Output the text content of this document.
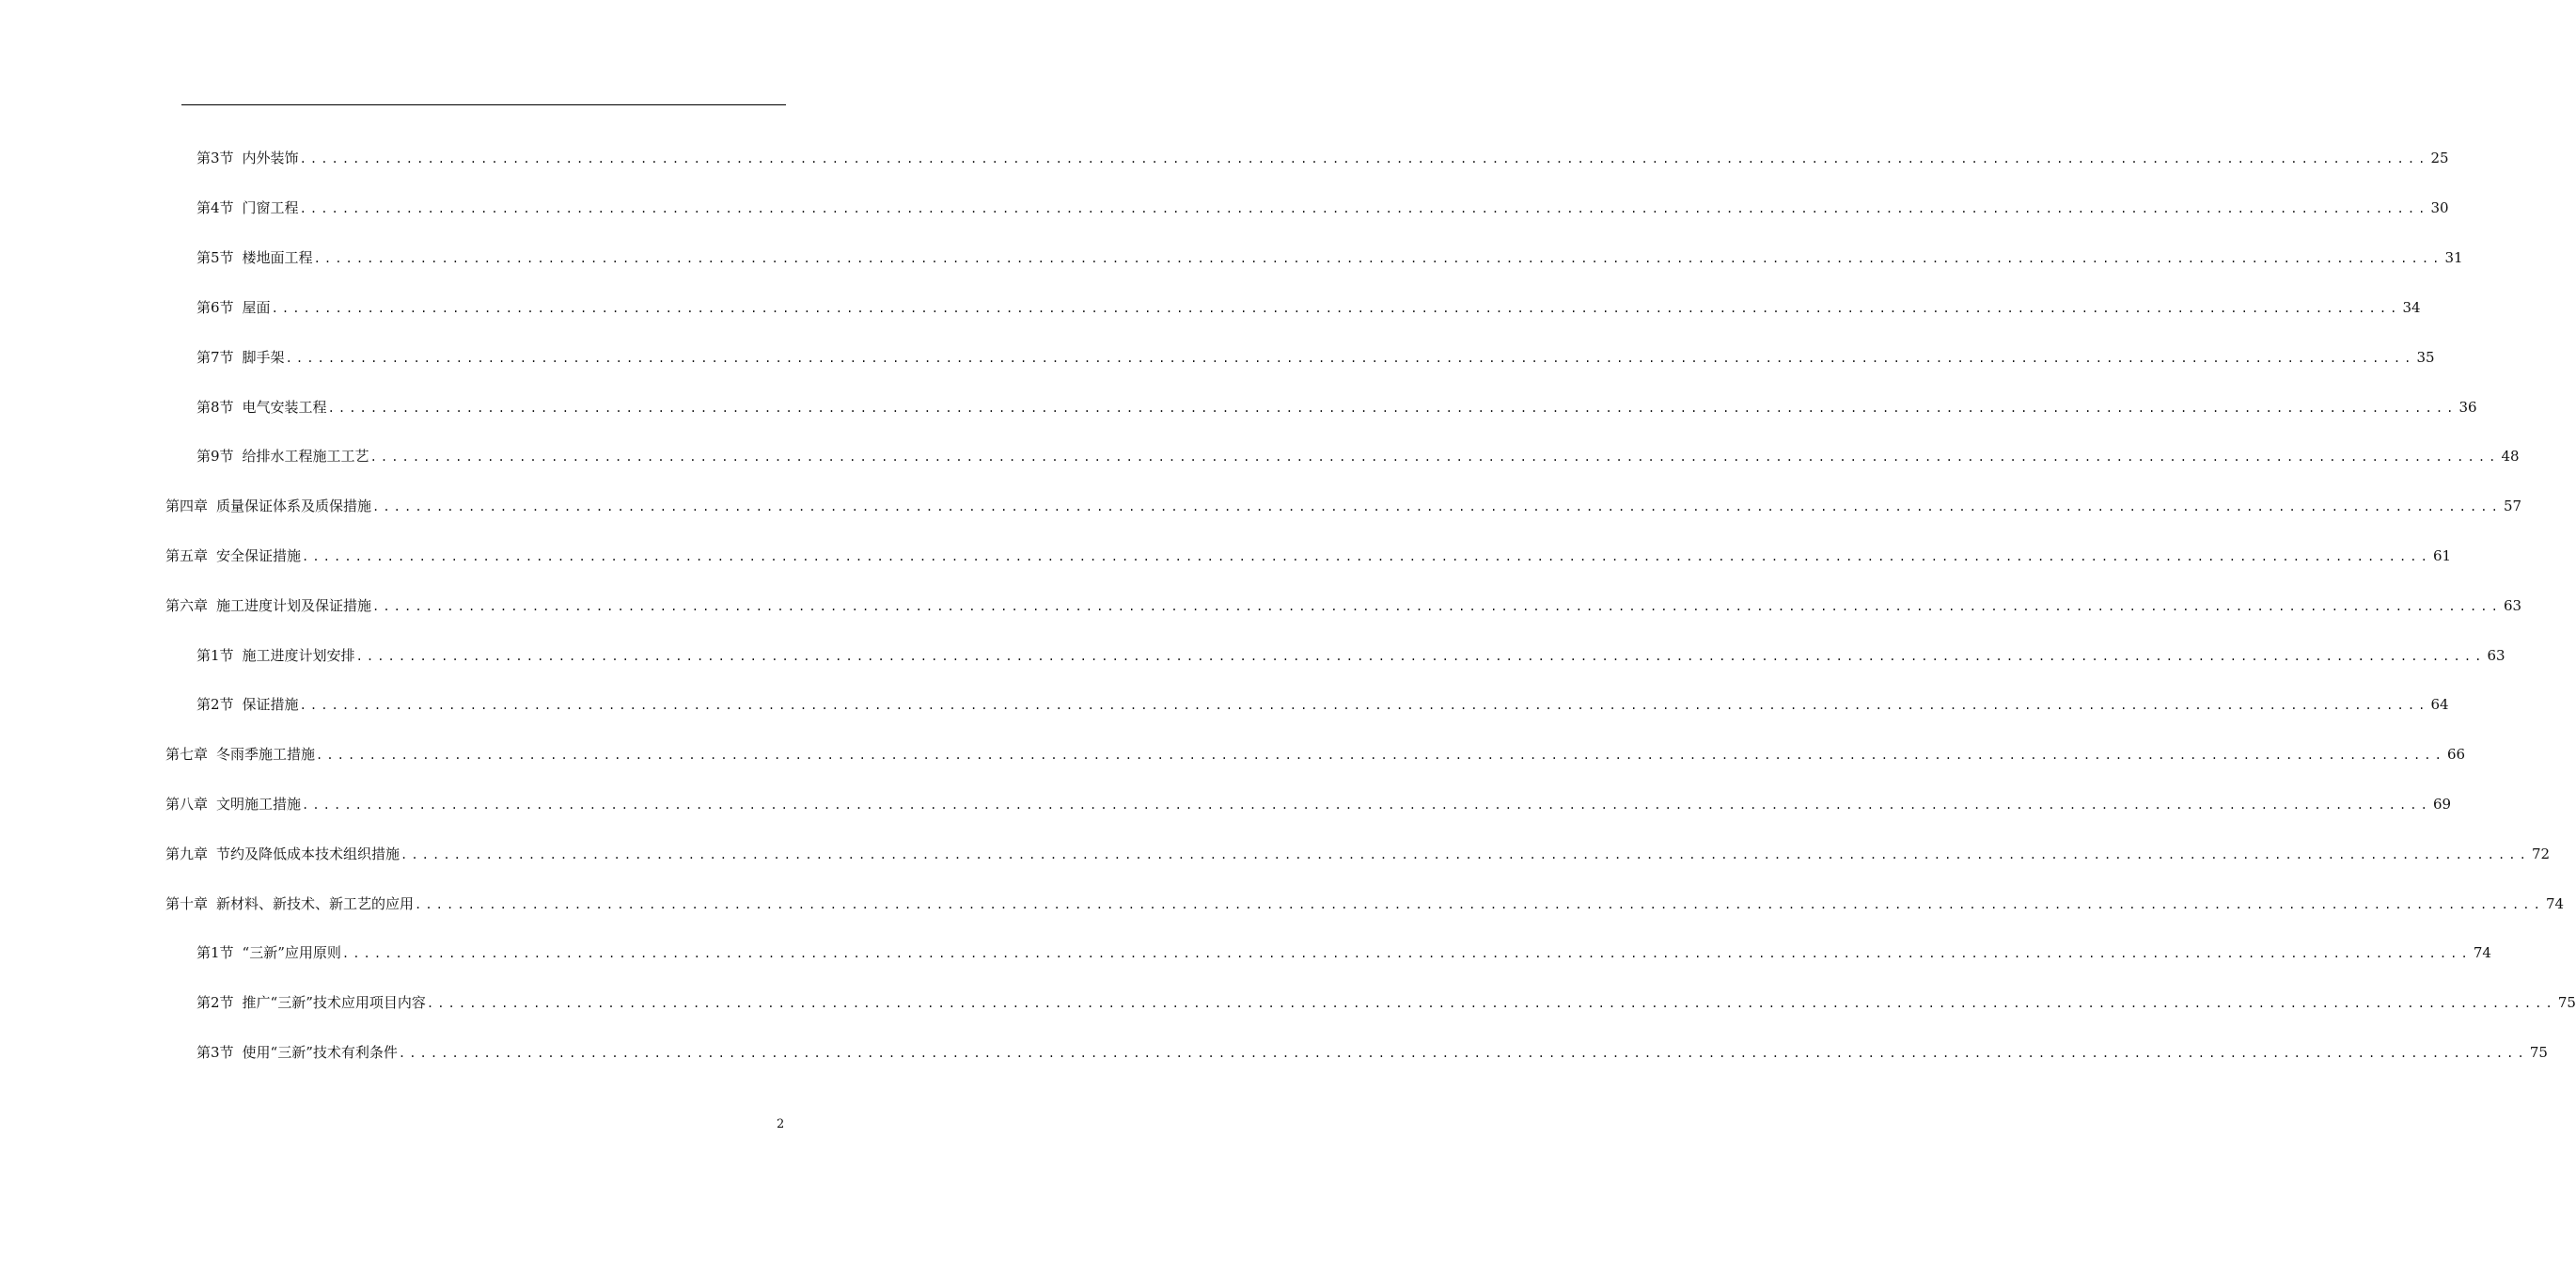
第3节 内外装饰 ........................................................................................................................................................................................................ 25
第4节 门窗工程 ........................................................................................................................................................................................................ 30
第5节 楼地面工程 ........................................................................................................................................................................................................ 31
第6节 屋面 ........................................................................................................................................................................................................ 34
第7节 脚手架 ........................................................................................................................................................................................................ 35
第8节 电气安装工程 ........................................................................................................................................................................................................ 36
第9节 给排水工程施工工艺 ........................................................................................................................................................................................................ 48
第四章 质量保证体系及质保措施 ........................................................................................................................................................................................................ 57
第五章 安全保证措施 ........................................................................................................................................................................................................ 61
第六章 施工进度计划及保证措施 ........................................................................................................................................................................................................ 63
第1节 施工进度计划安排 ........................................................................................................................................................................................................ 63
第2节 保证措施 ........................................................................................................................................................................................................ 64
第七章 冬雨季施工措施 ........................................................................................................................................................................................................ 66
第八章 文明施工措施 ........................................................................................................................................................................................................ 69
第九章 节约及降低成本技术组织措施 ........................................................................................................................................................................................................ 72
第十章 新材料、新技术、新工艺的应用 ........................................................................................................................................................................................................ 74
第1节 “三新”应用原则 ........................................................................................................................................................................................................ 74
第2节 推广“三新”技术应用项目内容 ........................................................................................................................................................................................................ 75
第3节 使用“三新”技术有利条件 ........................................................................................................................................................................................................ 75
2
